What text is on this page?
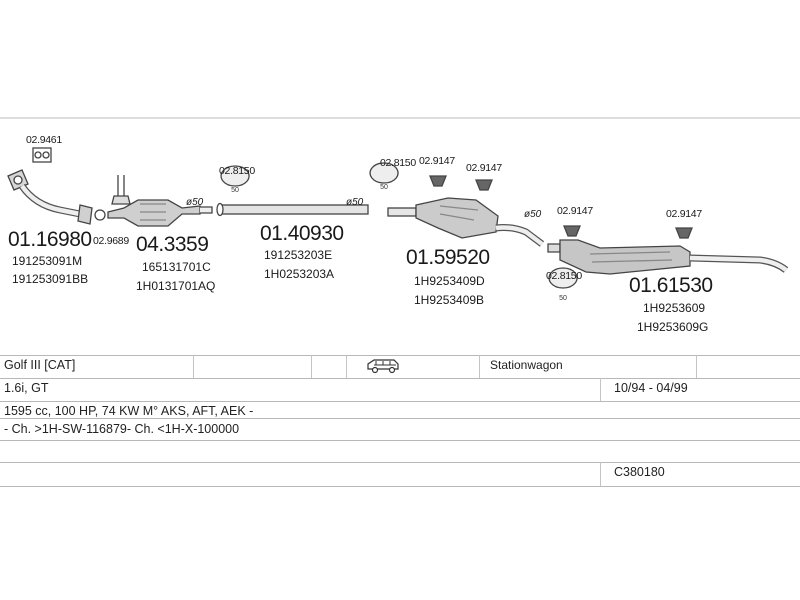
50	50
50
02.9461
01.16980 02.9689
191253091M
191253091BB
04.3359
165131701C
1H0131701AQ
ø50
02.8150
01.40930
191253203E
1H0253203A
ø50
02.8150 02.9147
02.9147
01.59520
1H9253409D
1H9253409B
ø50 02.9147	02.9147
02.8150 01.61530
1H9253609
1H9253609G
Golf III [CAT]	Stationwagon
1.6i, GT	10/94 - 04/99
1595 cc, 100 HP, 74 KW M° AKS, AFT, AEK -
- Ch. >1H-SW-116879- Ch. <1H-X-100000
C380180
